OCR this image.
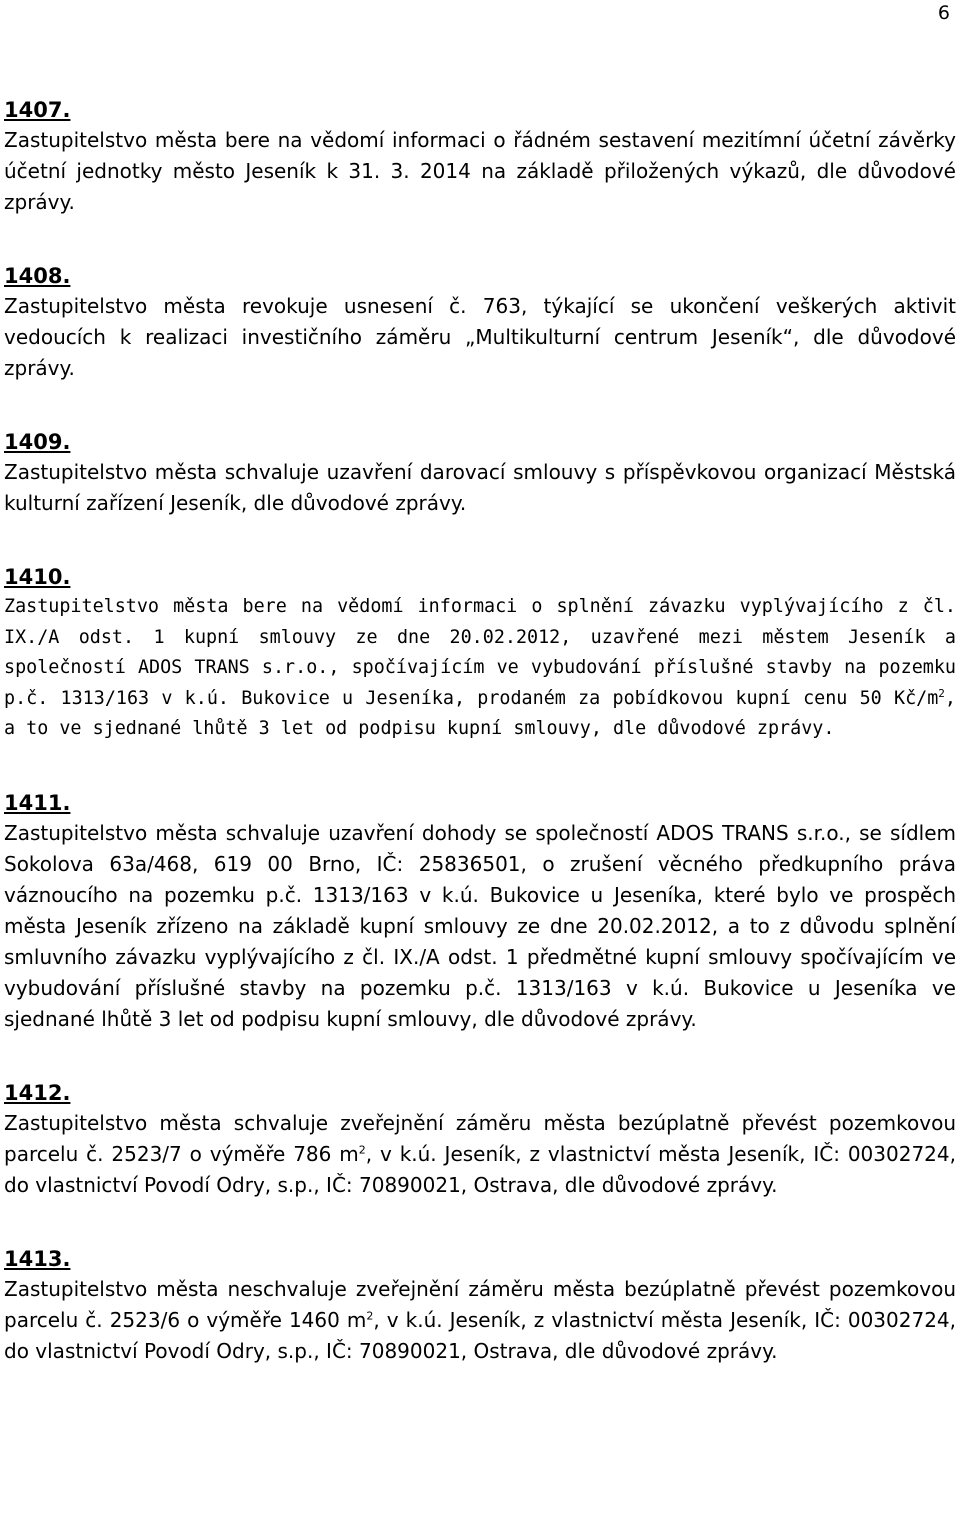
6
1407.

Zastupitelstvo města bere na vědomí informaci o řádném sestavení mezitímní účetní závěrky účetní jednotky město Jeseník k 31. 3. 2014 na základě přiložených výkazů, dle důvodové zprávy.

1408.

Zastupitelstvo města revokuje usnesení č. 763, týkající se ukončení veškerých aktivit vedoucích k realizaci investičního záměru „Multikulturní centrum Jeseník“, dle důvodové zprávy.

1409.

Zastupitelstvo města schvaluje uzavření darovací smlouvy s příspěvkovou organizací Městská kulturní zařízení Jeseník, dle důvodové zprávy.

1410.

Zastupitelstvo města bere na vědomí informaci o splnění závazku vyplývajícího z čl. IX./A odst. 1 kupní smlouvy ze dne 20.02.2012, uzavřené mezi městem Jeseník a společností ADOS TRANS s.r.o., spočívajícím ve vybudování příslušné stavby na pozemku p.č. 1313/163 v k.ú. Bukovice u Jeseníka, prodaném za pobídkovou kupní cenu 50 $Kč/m^2$, a to ve sjednané lhůtě 3 let od podpisu kupní smlouvy, dle důvodové zprávy.

1411.

Zastupitelstvo města schvaluje uzavření dohody se společností ADOS TRANS s.r.o., se sídlem Sokolova 63a/468, 619 00 Brno, IČ: 25836501, o zrušení věcného předkupního práva váznoucího na pozemku p.č. 1313/163 v k.ú. Bukovice u Jeseníka, které bylo ve prospěch města Jeseník zřízeno na základě kupní smlouvy ze dne 20.02.2012, a to z důvodu splnění smluvního závazku vyplývajícího z čl. IX./A odst. 1 předmětné kupní smlouvy spočívajícím ve vybudování příslušné stavby na pozemku p.č. 1313/163 v k.ú. Bukovice u Jeseníka ve sjednané lhůtě 3 let od podpisu kupní smlouvy, dle důvodové zprávy.

1412.

Zastupitelstvo města schvaluje zveřejnění záměru města bezúplatně převést pozemkovou parcelu č. 2523/7 o výměře 786 $m^2$, v k.ú. Jeseník, z vlastnictví města Jeseník, IČ: 00302724, do vlastnictví Povodí Odry, s.p., IČ: 70890021, Ostrava, dle důvodové zprávy.

1413.

Zastupitelstvo města neschvaluje zveřejnění záměru města bezúplatně převést pozemkovou parcelu č. 2523/6 o výměře 1460 $m^2$, v k.ú. Jeseník, z vlastnictví města Jeseník, IČ: 00302724, do vlastnictví Povodí Odry, s.p., IČ: 70890021, Ostrava, dle důvodové zprávy.
